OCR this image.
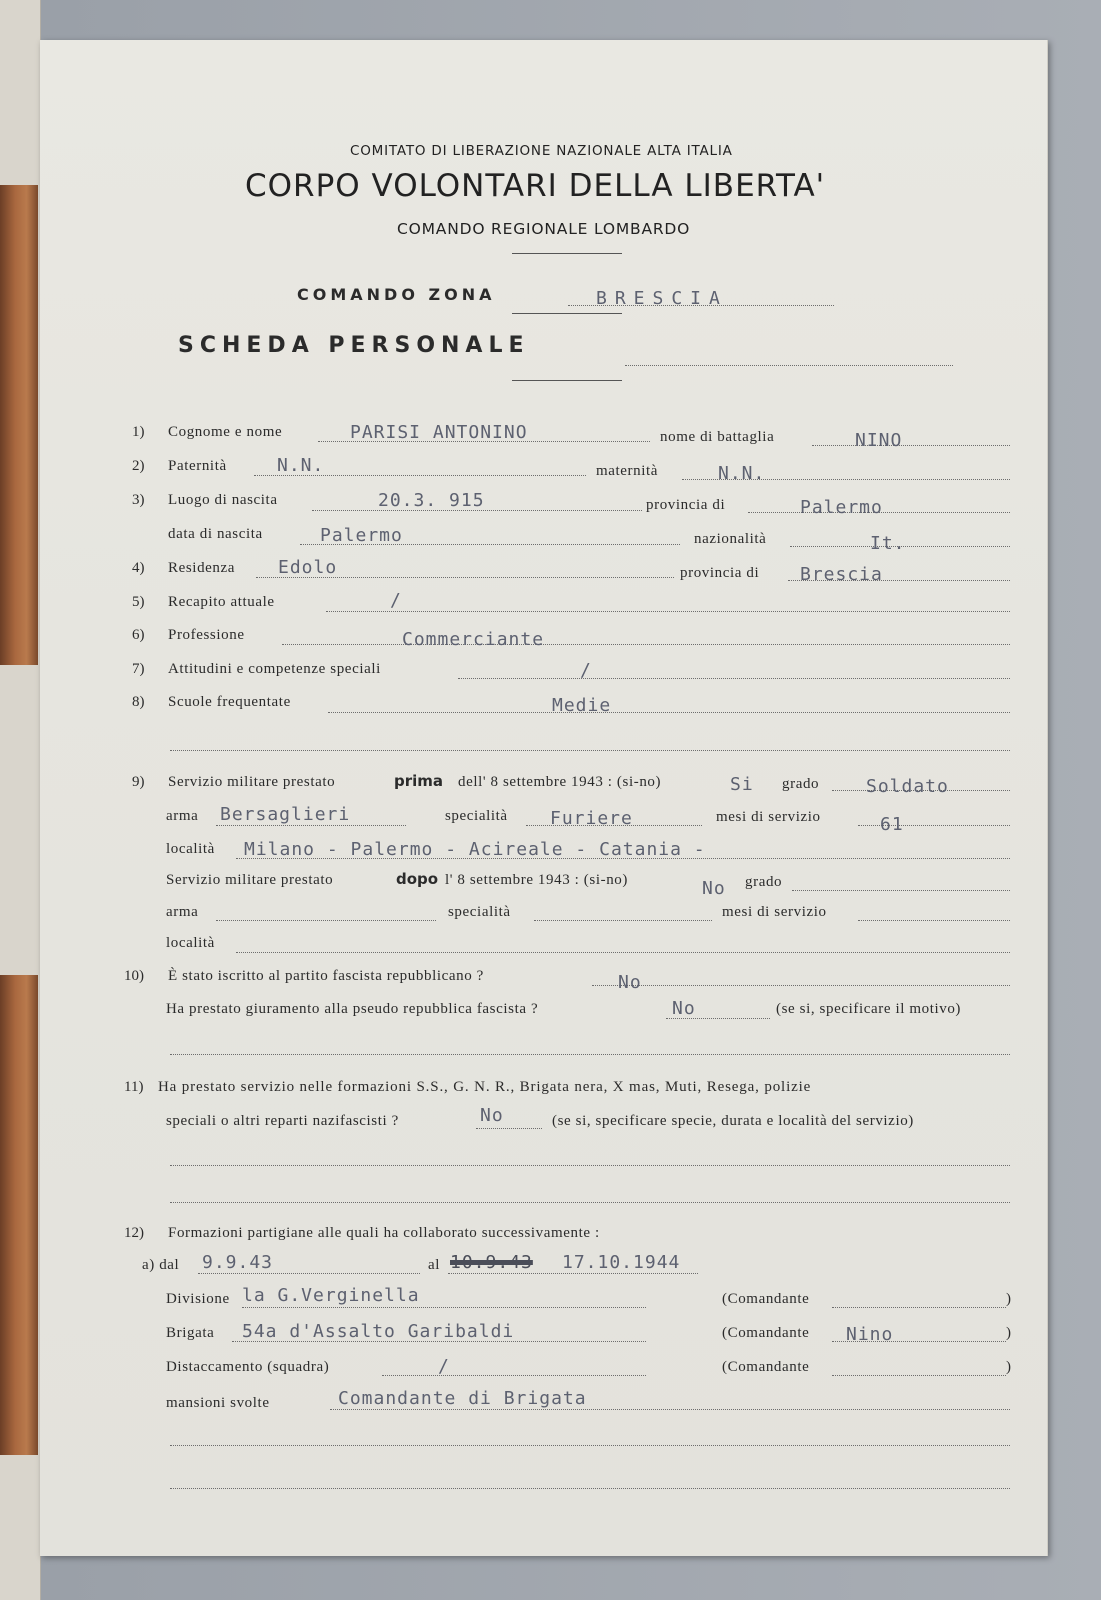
COMITATO DI LIBERAZIONE NAZIONALE ALTA ITALIA
CORPO VOLONTARI DELLA LIBERTA'
COMANDO REGIONALE LOMBARDO
COMANDO ZONA	BRESCIA
SCHEDA PERSONALE
1) Cognome e nome	PARISI ANTONINO	nome di battaglia	NINO
2) Paternità	N.N.	maternità	N.N.
3) Luogo di nascita	20.3. 915	provincia di	Palermo
data di nascita	Palermo	nazionalità	It.
4) Residenza Edolo	provincia di Brescia
5) Recapito attuale	/
6) Professione	Commerciante
7) Attitudini e competenze speciali	/
8) Scuole frequentate	Medie
9) Servizio militare prestato	prima dell' 8 settembre 1943 : (si-no)	Si grado	Soldato
arma Bersaglieri	specialità Furiere	mesi di servizio	61
località Milano - Palermo - Acireale - Catania -
Servizio militare prestato	dopo l' 8 settembre 1943 : (si-no)	No grado
arma	specialità	mesi di servizio
località
10) È stato iscritto al partito fascista repubblicano ?	No
Ha prestato giuramento alla pseudo repubblica fascista ?	No	(se si, specificare il motivo)
11) Ha prestato servizio nelle formazioni S.S., G. N. R., Brigata nera, X mas, Muti, Resega, polizie
speciali o altri reparti nazifascisti ?	No	(se si, specificare specie, durata e località del servizio)
12) Formazioni partigiane alle quali ha collaborato successivamente :
a) dal 9.9.43	al 10.9.43 17.10.1944
Divisione la G.Verginella	(Comandante	)
Brigata 54a d'Assalto Garibaldi	(Comandante Nino	)
Distaccamento (squadra)	/	(Comandante	)
mansioni svolte	Comandante di Brigata
